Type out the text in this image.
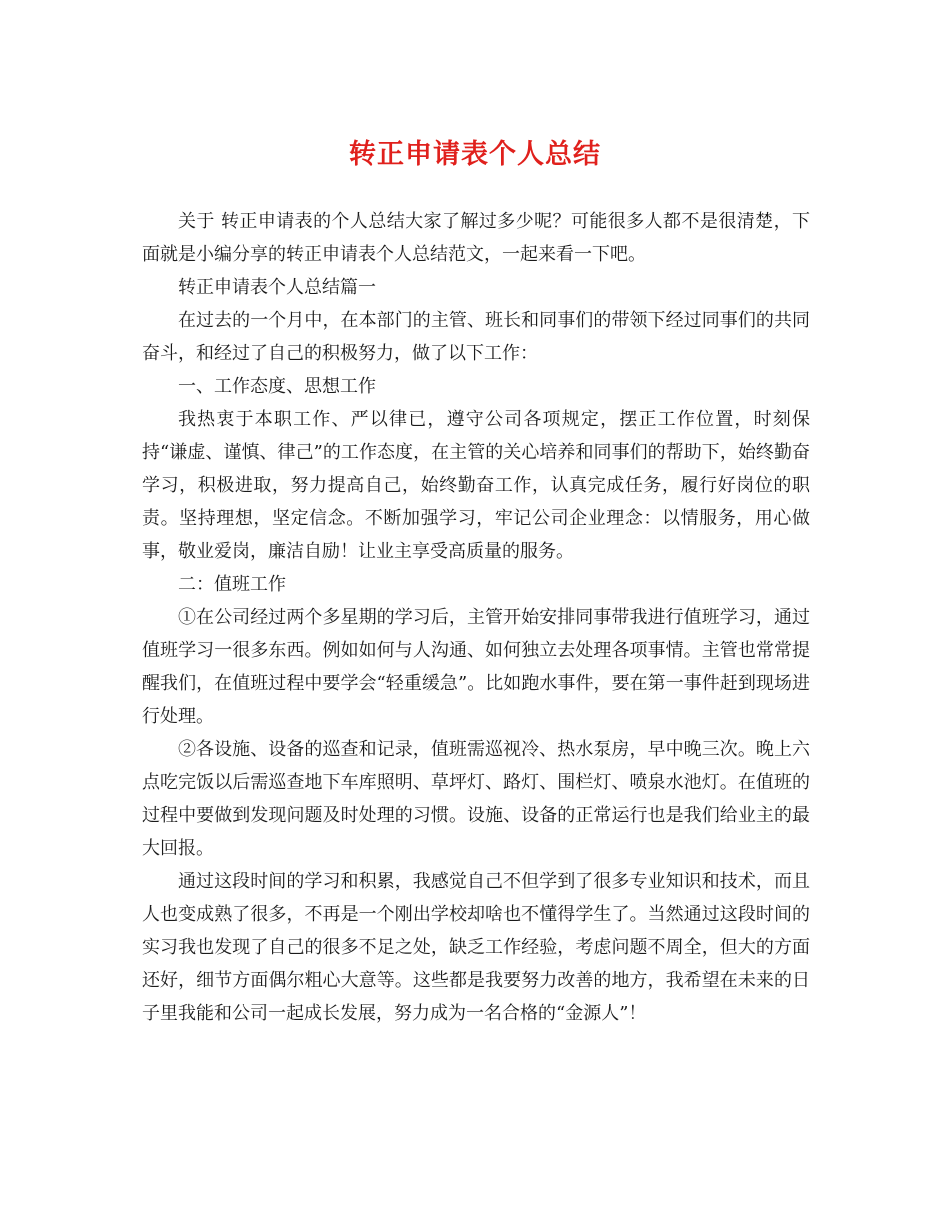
转正申请表个人总结

关于 转正申请表的个人总结大家了解过多少呢？可能很多人都不是很清楚，下面就是小编分享的转正申请表个人总结范文，一起来看一下吧。

转正申请表个人总结篇一

在过去的一个月中，在本部门的主管、班长和同事们的带领下经过同事们的共同奋斗，和经过了自己的积极努力，做了以下工作：

一、工作态度、思想工作

我热衷于本职工作、严以律已，遵守公司各项规定，摆正工作位置，时刻保持“谦虚、谨慎、律己”的工作态度，在主管的关心培养和同事们的帮助下，始终勤奋学习，积极进取，努力提高自己，始终勤奋工作，认真完成任务，履行好岗位的职责。坚持理想，坚定信念。不断加强学习，牢记公司企业理念：以情服务，用心做事，敬业爱岗，廉洁自励！让业主享受高质量的服务。

二：值班工作

①在公司经过两个多星期的学习后，主管开始安排同事带我进行值班学习，通过值班学习一很多东西。例如如何与人沟通、如何独立去处理各项事情。主管也常常提醒我们，在值班过程中要学会“轻重缓急”。比如跑水事件，要在第一事件赶到现场进行处理。

②各设施、设备的巡查和记录，值班需巡视冷、热水泵房，早中晚三次。晚上六点吃完饭以后需巡查地下车库照明、草坪灯、路灯、围栏灯、喷泉水池灯。在值班的过程中要做到发现问题及时处理的习惯。设施、设备的正常运行也是我们给业主的最大回报。

通过这段时间的学习和积累，我感觉自己不但学到了很多专业知识和技术，而且人也变成熟了很多，不再是一个刚出学校却啥也不懂得学生了。当然通过这段时间的实习我也发现了自己的很多不足之处，缺乏工作经验，考虑问题不周全，但大的方面还好，细节方面偶尔粗心大意等。这些都是我要努力改善的地方，我希望在未来的日子里我能和公司一起成长发展，努力成为一名合格的“金源人”！
